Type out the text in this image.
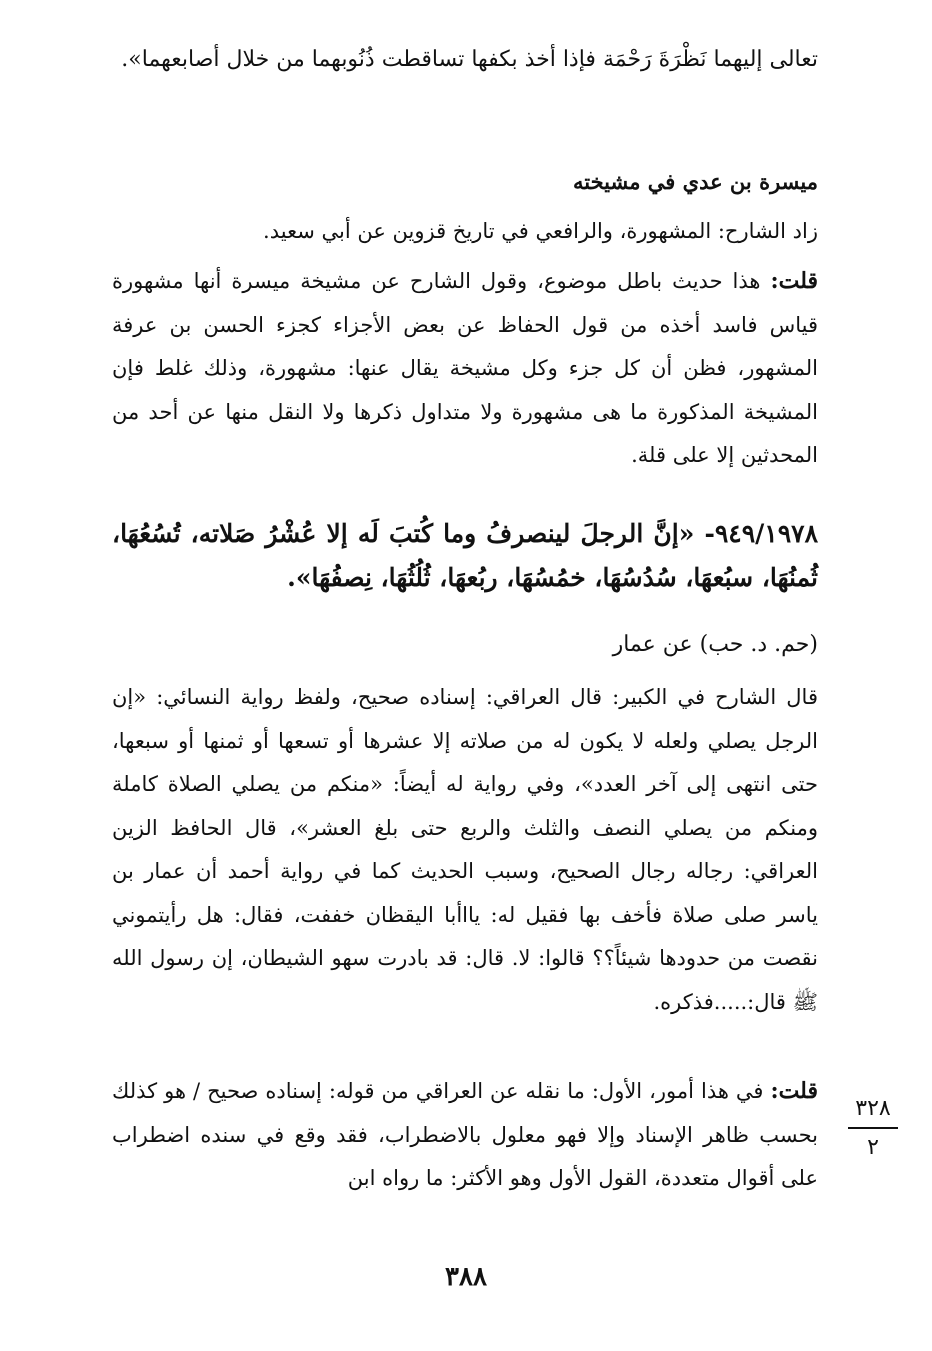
تعالى إليهما نَظْرَةَ رَحْمَة فإذا أخذ بكفها تساقطت ذُنُوبهما من خلال أصابعهما».
ميسرة بن عدي في مشيخته
زاد الشارح: المشهورة، والرافعي في تاريخ قزوين عن أبي سعيد.
قلت: هذا حديث باطل موضوع، وقول الشارح عن مشيخة ميسرة أنها مشهورة قياس فاسد أخذه من قول الحفاظ عن بعض الأجزاء كجزء الحسن بن عرفة المشهور، فظن أن كل جزء وكل مشيخة يقال عنها: مشهورة، وذلك غلط فإن المشيخة المذكورة ما هى مشهورة ولا متداول ذكرها ولا النقل منها عن أحد من المحدثين إلا على قلة.
٩٤٩/١٩٧٨- «إنَّ الرجلَ لينصرفُ وما كُتبَ لَه إلا عُشْرُ صَلاته، تُسُعُهَا، ثُمنُهَا، سبُعهَا، سُدُسُهَا، خمُسُهَا، ربُعهَا، ثُلُثُهَا، نِصفُهَا».
(حم. د. حب) عن عمار
قال الشارح في الكبير: قال العراقي: إسناده صحيح، ولفظ رواية النسائي: «إن الرجل يصلي ولعله لا يكون له من صلاته إلا عشرها أو تسعها أو ثمنها أو سبعها، حتى انتهى إلى آخر العدد»، وفي رواية له أيضاً: «منكم من يصلي الصلاة كاملة ومنكم من يصلي النصف والثلث والربع حتى بلغ العشر»، قال الحافظ الزين العراقي: رجاله رجال الصحيح، وسبب الحديث كما في رواية أحمد أن عمار بن ياسر صلى صلاة فأخف بها فقيل له: يااأبا اليقظان خففت، فقال: هل رأيتموني نقصت من حدودها شيئاً؟؟ قالوا: لا. قال: قد بادرت سهو الشيطان، إن رسول الله ﷺ قال:.....فذكره.
قلت: في هذا أمور، الأول: ما نقله عن العراقي من قوله: إسناده صحيح / هو كذلك بحسب ظاهر الإسناد وإلا فهو معلول بالاضطراب، فقد وقع في سنده اضطراب على أقوال متعددة، القول الأول وهو الأكثر: ما رواه ابن
٣٢٨
٢
٣٨٨
